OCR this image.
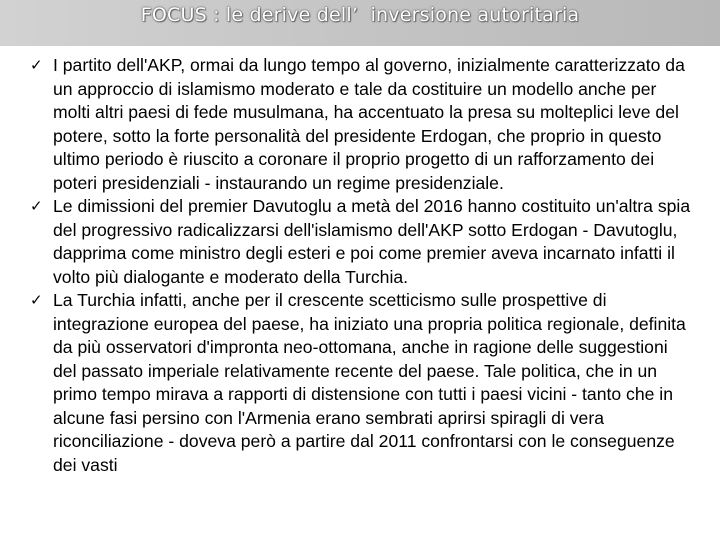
FOCUS : le derive dell’  inversione autoritaria
✓ I partito dell'AKP, ormai da lungo tempo al governo, inizialmente caratterizzato da un approccio di islamismo moderato e tale da costituire un modello anche per molti altri paesi di fede musulmana, ha accentuato la presa su molteplici leve del potere, sotto la forte personalità del presidente Erdogan, che proprio in questo ultimo periodo è riuscito a coronare il proprio progetto di un rafforzamento dei poteri presidenziali - instaurando un regime presidenziale.
✓ Le dimissioni del premier Davutoglu a metà del 2016 hanno costituito un'altra spia del progressivo radicalizzarsi dell'islamismo dell'AKP sotto Erdogan - Davutoglu, dapprima come ministro degli esteri e poi come premier aveva incarnato infatti il volto più dialogante e moderato della Turchia.
✓ La Turchia infatti, anche per il crescente scetticismo sulle prospettive di integrazione europea del paese, ha iniziato una propria politica regionale, definita da più osservatori d'impronta neo-ottomana, anche in ragione delle suggestioni del passato imperiale relativamente recente del paese. Tale politica, che in un primo tempo mirava a rapporti di distensione con tutti i paesi vicini - tanto che in alcune fasi persino con l'Armenia erano sembrati aprirsi spiragli di vera riconciliazione - doveva però a partire dal 2011 confrontarsi con le conseguenze dei vasti
